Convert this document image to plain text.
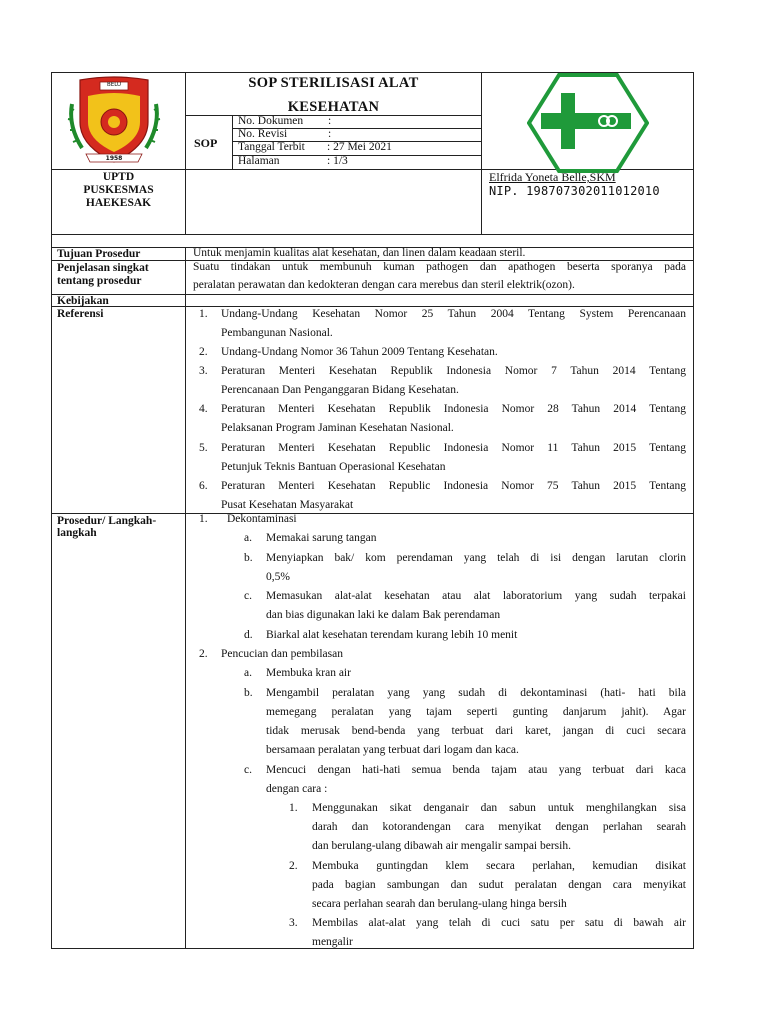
BELU
1958
SOP STERILISASI ALAT
KESEHATAN
SOP
No. Dokumen :
No. Revisi	:
Tanggal Terbit : 27 Mei 2021
Halaman	: 1/3
UPTD
PUSKESMAS
HAEKESAK
Elfrida Yoneta Belle,SKM
NIP. 198707302011012010
Tujuan Prosedur
Penjelasan singkat
tentang prosedur
Kebijakan
Referensi
Prosedur/ Langkah-
langkah
Untuk menjamin kualitas alat kesehatan, dan linen dalam keadaan steril.
Suatu tindakan untuk membunuh kuman pathogen dan apathogen beserta sporanya pada
peralatan perawatan dan kedokteran dengan cara merebus dan steril elektrik(ozon).
1. Undang-Undang Kesehatan Nomor 25 Tahun 2004 Tentang System Perencanaan
Pembangunan Nasional.
2. Undang-Undang Nomor 36 Tahun 2009 Tentang Kesehatan.
3. Peraturan Menteri Kesehatan Republik Indonesia Nomor 7 Tahun 2014 Tentang
Perencanaan Dan Penganggaran Bidang Kesehatan.
4. Peraturan Menteri Kesehatan Republik Indonesia Nomor 28 Tahun 2014 Tentang
Pelaksanan Program Jaminan Kesehatan Nasional.
5. Peraturan Menteri Kesehatan Republic Indonesia Nomor 11 Tahun 2015 Tentang
Petunjuk Teknis Bantuan Operasional Kesehatan
6. Peraturan Menteri Kesehatan Republic Indonesia Nomor 75 Tahun 2015 Tentang
Pusat Kesehatan Masyarakat
1. Dekontaminasi
a. Memakai sarung tangan
b. Menyiapkan bak/ kom perendaman yang telah di isi dengan larutan clorin
0,5%
c. Memasukan alat-alat kesehatan atau alat laboratorium yang sudah terpakai
dan bias digunakan laki ke dalam Bak perendaman
d. Biarkal alat kesehatan terendam kurang lebih 10 menit
2. Pencucian dan pembilasan
a. Membuka kran air
b. Mengambil peralatan yang yang sudah di dekontaminasi (hati- hati bila
memegang peralatan yang tajam seperti gunting danjarum jahit). Agar
tidak merusak bend-benda yang terbuat dari karet, jangan di cuci secara
bersamaan peralatan yang terbuat dari logam dan kaca.
c. Mencuci dengan hati-hati semua benda tajam atau yang terbuat dari kaca
dengan cara :
1. Menggunakan sikat denganair dan sabun untuk menghilangkan sisa
darah dan kotorandengan cara menyikat dengan perlahan searah
dan berulang-ulang dibawah air mengalir sampai bersih.
2. Membuka guntingdan klem secara perlahan, kemudian disikat
pada bagian sambungan dan sudut peralatan dengan cara menyikat
secara perlahan searah dan berulang-ulang hinga bersih
3. Membilas alat-alat yang telah di cuci satu per satu di bawah air
mengalir
